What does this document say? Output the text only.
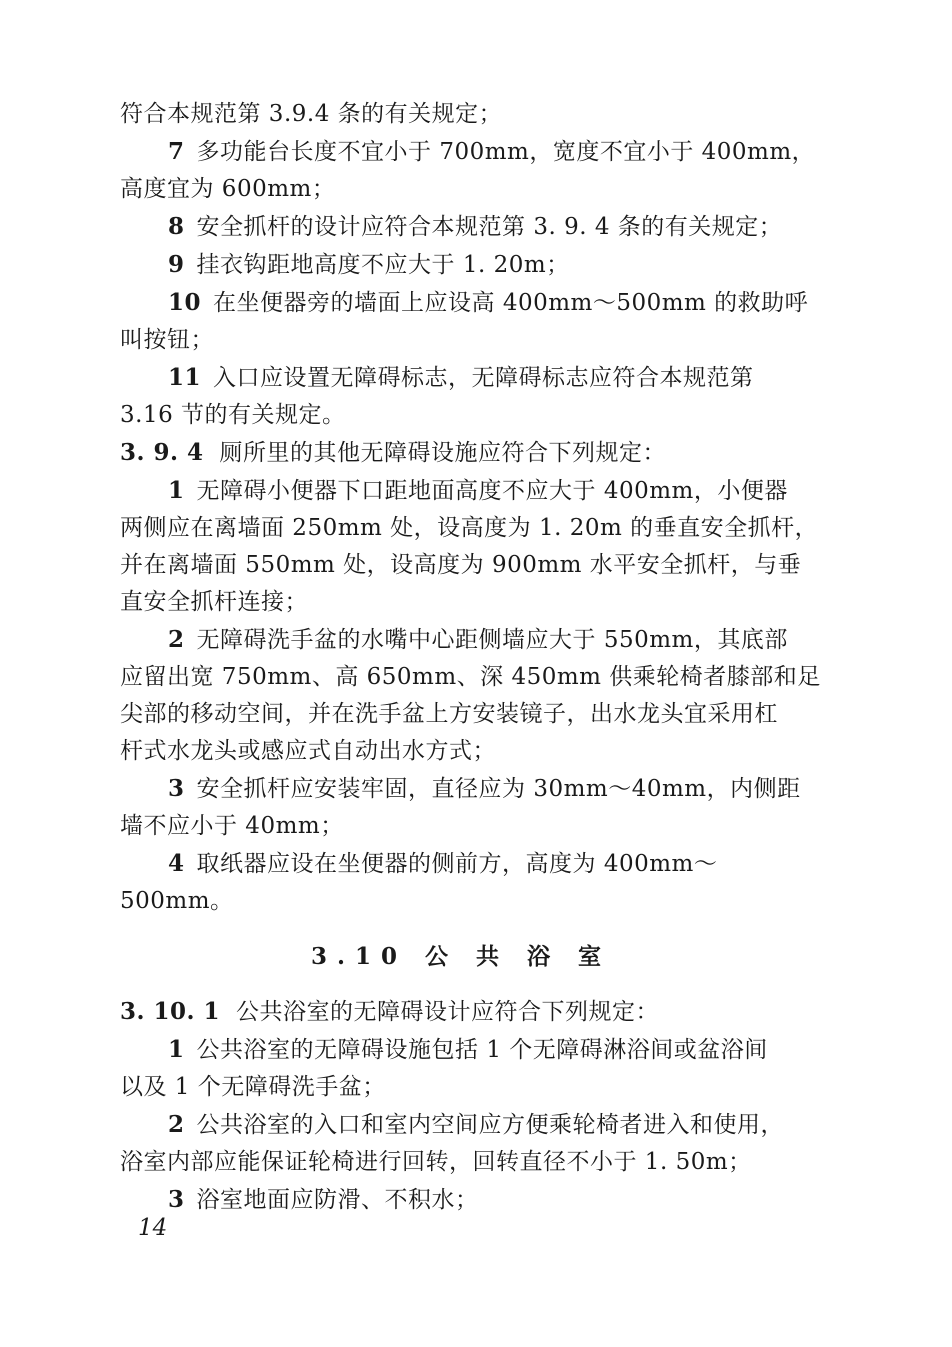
符合本规范第 3.9.4 条的有关规定；
7 多功能台长度不宜小于 700mm，宽度不宜小于 400mm，
高度宜为 600mm；
8 安全抓杆的设计应符合本规范第 3. 9. 4 条的有关规定；
9 挂衣钩距地高度不应大于 1. 20m；
10 在坐便器旁的墙面上应设高 400mm～500mm 的救助呼
叫按钮；
11 入口应设置无障碍标志，无障碍标志应符合本规范第
3.16 节的有关规定。
3. 9. 4 厕所里的其他无障碍设施应符合下列规定：
1 无障碍小便器下口距地面高度不应大于 400mm，小便器
两侧应在离墙面 250mm 处，设高度为 1. 20m 的垂直安全抓杆，
并在离墙面 550mm 处，设高度为 900mm 水平安全抓杆，与垂
直安全抓杆连接；
2 无障碍洗手盆的水嘴中心距侧墙应大于 550mm，其底部
应留出宽 750mm、高 650mm、深 450mm 供乘轮椅者膝部和足
尖部的移动空间，并在洗手盆上方安装镜子，出水龙头宜采用杠
杆式水龙头或感应式自动出水方式；
3 安全抓杆应安装牢固，直径应为 30mm～40mm，内侧距
墙不应小于 40mm；
4 取纸器应设在坐便器的侧前方，高度为 400mm～
500mm。
3.10 公 共 浴 室
3. 10. 1 公共浴室的无障碍设计应符合下列规定：
1 公共浴室的无障碍设施包括 1 个无障碍淋浴间或盆浴间
以及 1 个无障碍洗手盆；
2 公共浴室的入口和室内空间应方便乘轮椅者进入和使用，
浴室内部应能保证轮椅进行回转，回转直径不小于 1. 50m；
3 浴室地面应防滑、不积水；
14
